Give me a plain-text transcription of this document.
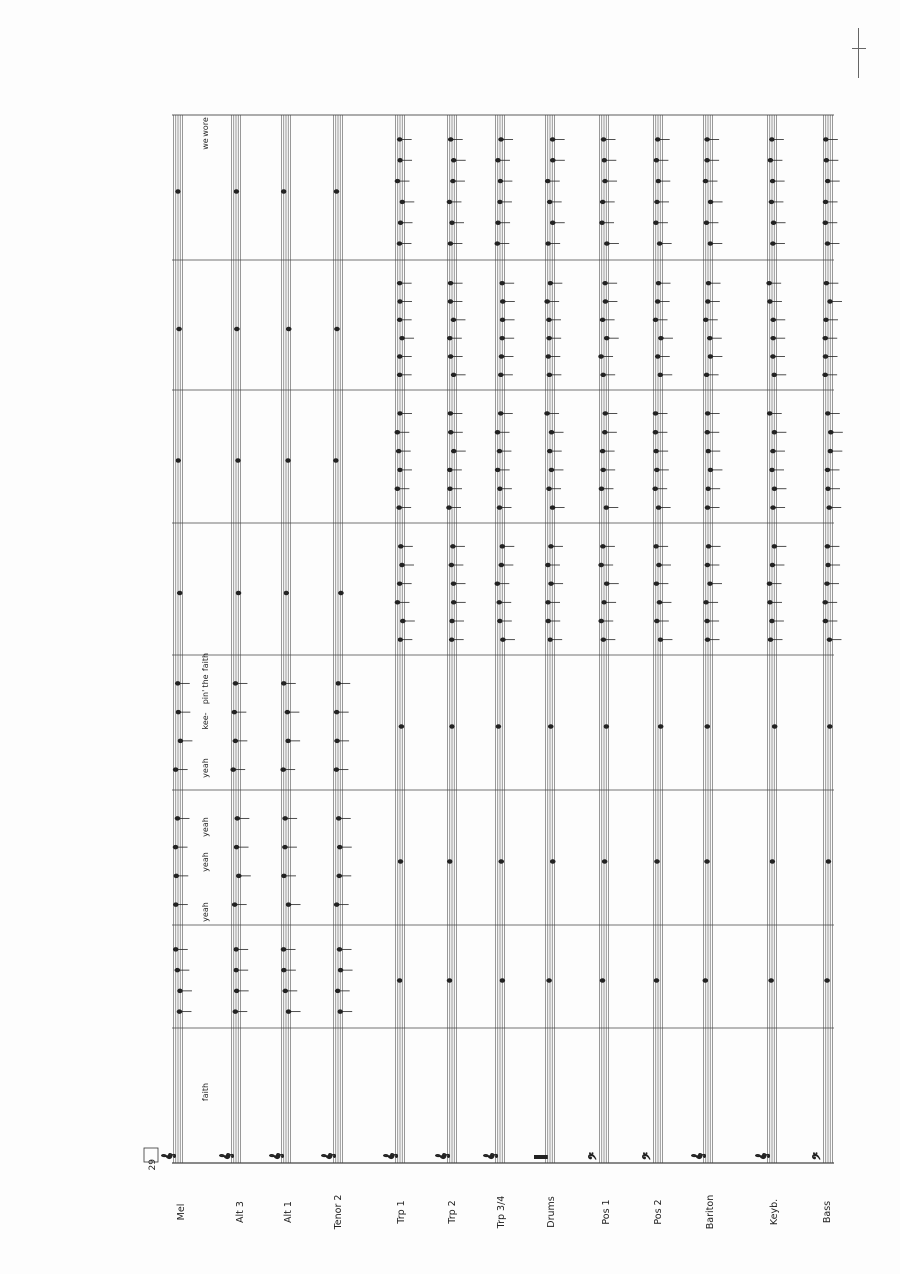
𝄞	𝄞	𝄞	𝄞	𝄞	𝄞	𝄞	‖	𝄢	𝄢	𝄞	𝄞	𝄢
29
Mel	Alt 3	Alt 1	Tenor 2	Trp 1	Trp 2	Trp 3/4	Drums	Pos 1	Pos 2	Bariton	Keyb.	Bass
faith
yeah
yeah
yeah
yeah
kee-
pin'
the
faith
we
wore
